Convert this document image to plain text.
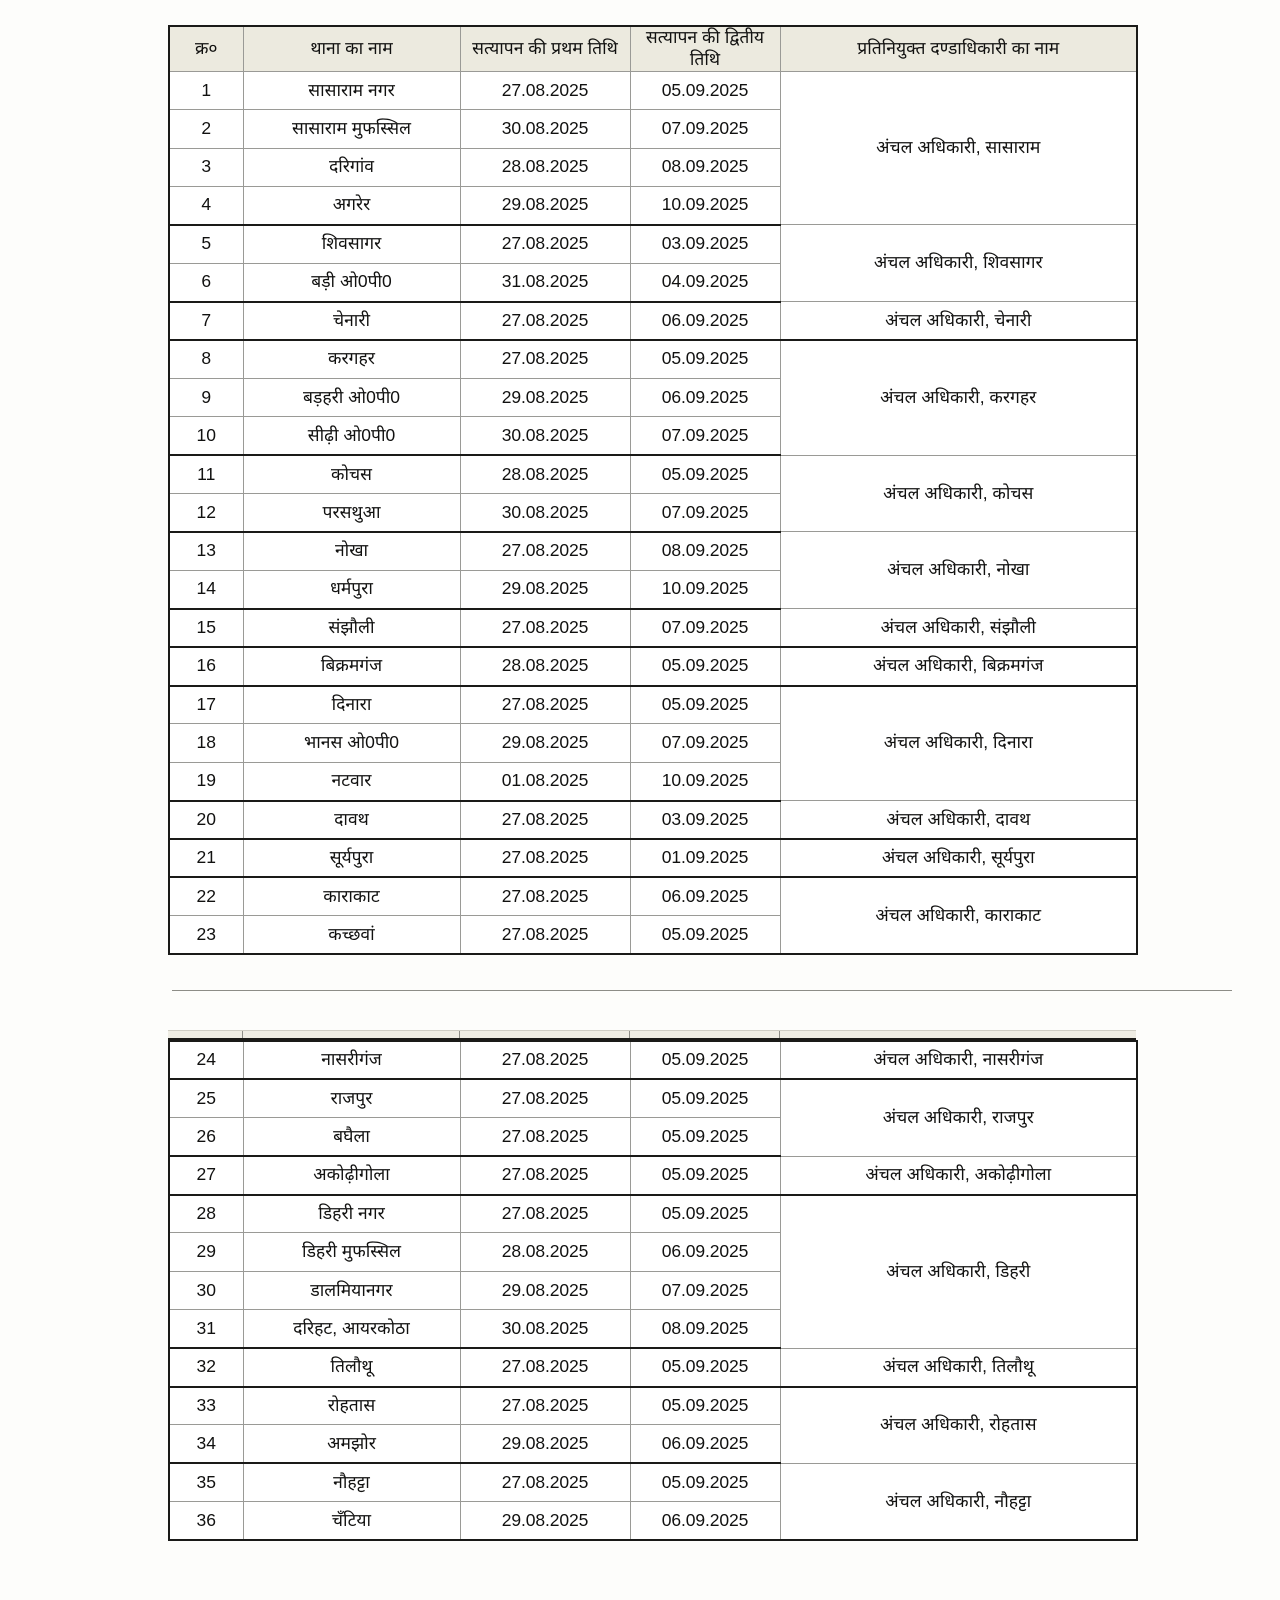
क्र०	थाना का नाम	सत्यापन की प्रथम तिथि	सत्यापन की द्वितीय तिथि	प्रतिनियुक्त दण्डाधिकारी का नाम
1	सासाराम नगर	27.08.2025	05.09.2025	अंचल अधिकारी, सासाराम
2	सासाराम मुफस्सिल	30.08.2025	07.09.2025	
3	दरिगांव	28.08.2025	08.09.2025	
4	अगरेर	29.08.2025	10.09.2025	
5	शिवसागर	27.08.2025	03.09.2025	अंचल अधिकारी, शिवसागर
6	बड़ी ओ0पी0	31.08.2025	04.09.2025	
7	चेनारी	27.08.2025	06.09.2025	अंचल अधिकारी, चेनारी
8	करगहर	27.08.2025	05.09.2025	अंचल अधिकारी, करगहर
9	बड़हरी ओ0पी0	29.08.2025	06.09.2025	
10	सीढ़ी ओ0पी0	30.08.2025	07.09.2025	
11	कोचस	28.08.2025	05.09.2025	अंचल अधिकारी, कोचस
12	परसथुआ	30.08.2025	07.09.2025	
13	नोखा	27.08.2025	08.09.2025	अंचल अधिकारी, नोखा
14	धर्मपुरा	29.08.2025	10.09.2025	
15	संझौली	27.08.2025	07.09.2025	अंचल अधिकारी, संझौली
16	बिक्रमगंज	28.08.2025	05.09.2025	अंचल अधिकारी, बिक्रमगंज
17	दिनारा	27.08.2025	05.09.2025	अंचल अधिकारी, दिनारा
18	भानस ओ0पी0	29.08.2025	07.09.2025	
19	नटवार	01.08.2025	10.09.2025	
20	दावथ	27.08.2025	03.09.2025	अंचल अधिकारी, दावथ
21	सूर्यपुरा	27.08.2025	01.09.2025	अंचल अधिकारी, सूर्यपुरा
22	काराकाट	27.08.2025	06.09.2025	अंचल अधिकारी, काराकाट
23	कच्छवां	27.08.2025	05.09.2025	
24	नासरीगंज	27.08.2025	05.09.2025	अंचल अधिकारी, नासरीगंज
25	राजपुर	27.08.2025	05.09.2025	अंचल अधिकारी, राजपुर
26	बघैला	27.08.2025	05.09.2025	
27	अकोढ़ीगोला	27.08.2025	05.09.2025	अंचल अधिकारी, अकोढ़ीगोला
28	डिहरी नगर	27.08.2025	05.09.2025	अंचल अधिकारी, डिहरी
29	डिहरी मुफस्सिल	28.08.2025	06.09.2025	
30	डालमियानगर	29.08.2025	07.09.2025	
31	दरिहट, आयरकोठा	30.08.2025	08.09.2025	
32	तिलौथू	27.08.2025	05.09.2025	अंचल अधिकारी, तिलौथू
33	रोहतास	27.08.2025	05.09.2025	अंचल अधिकारी, रोहतास
34	अमझोर	29.08.2025	06.09.2025	
35	नौहट्टा	27.08.2025	05.09.2025	अंचल अधिकारी, नौहट्टा
36	चँटिया	29.08.2025	06.09.2025	
